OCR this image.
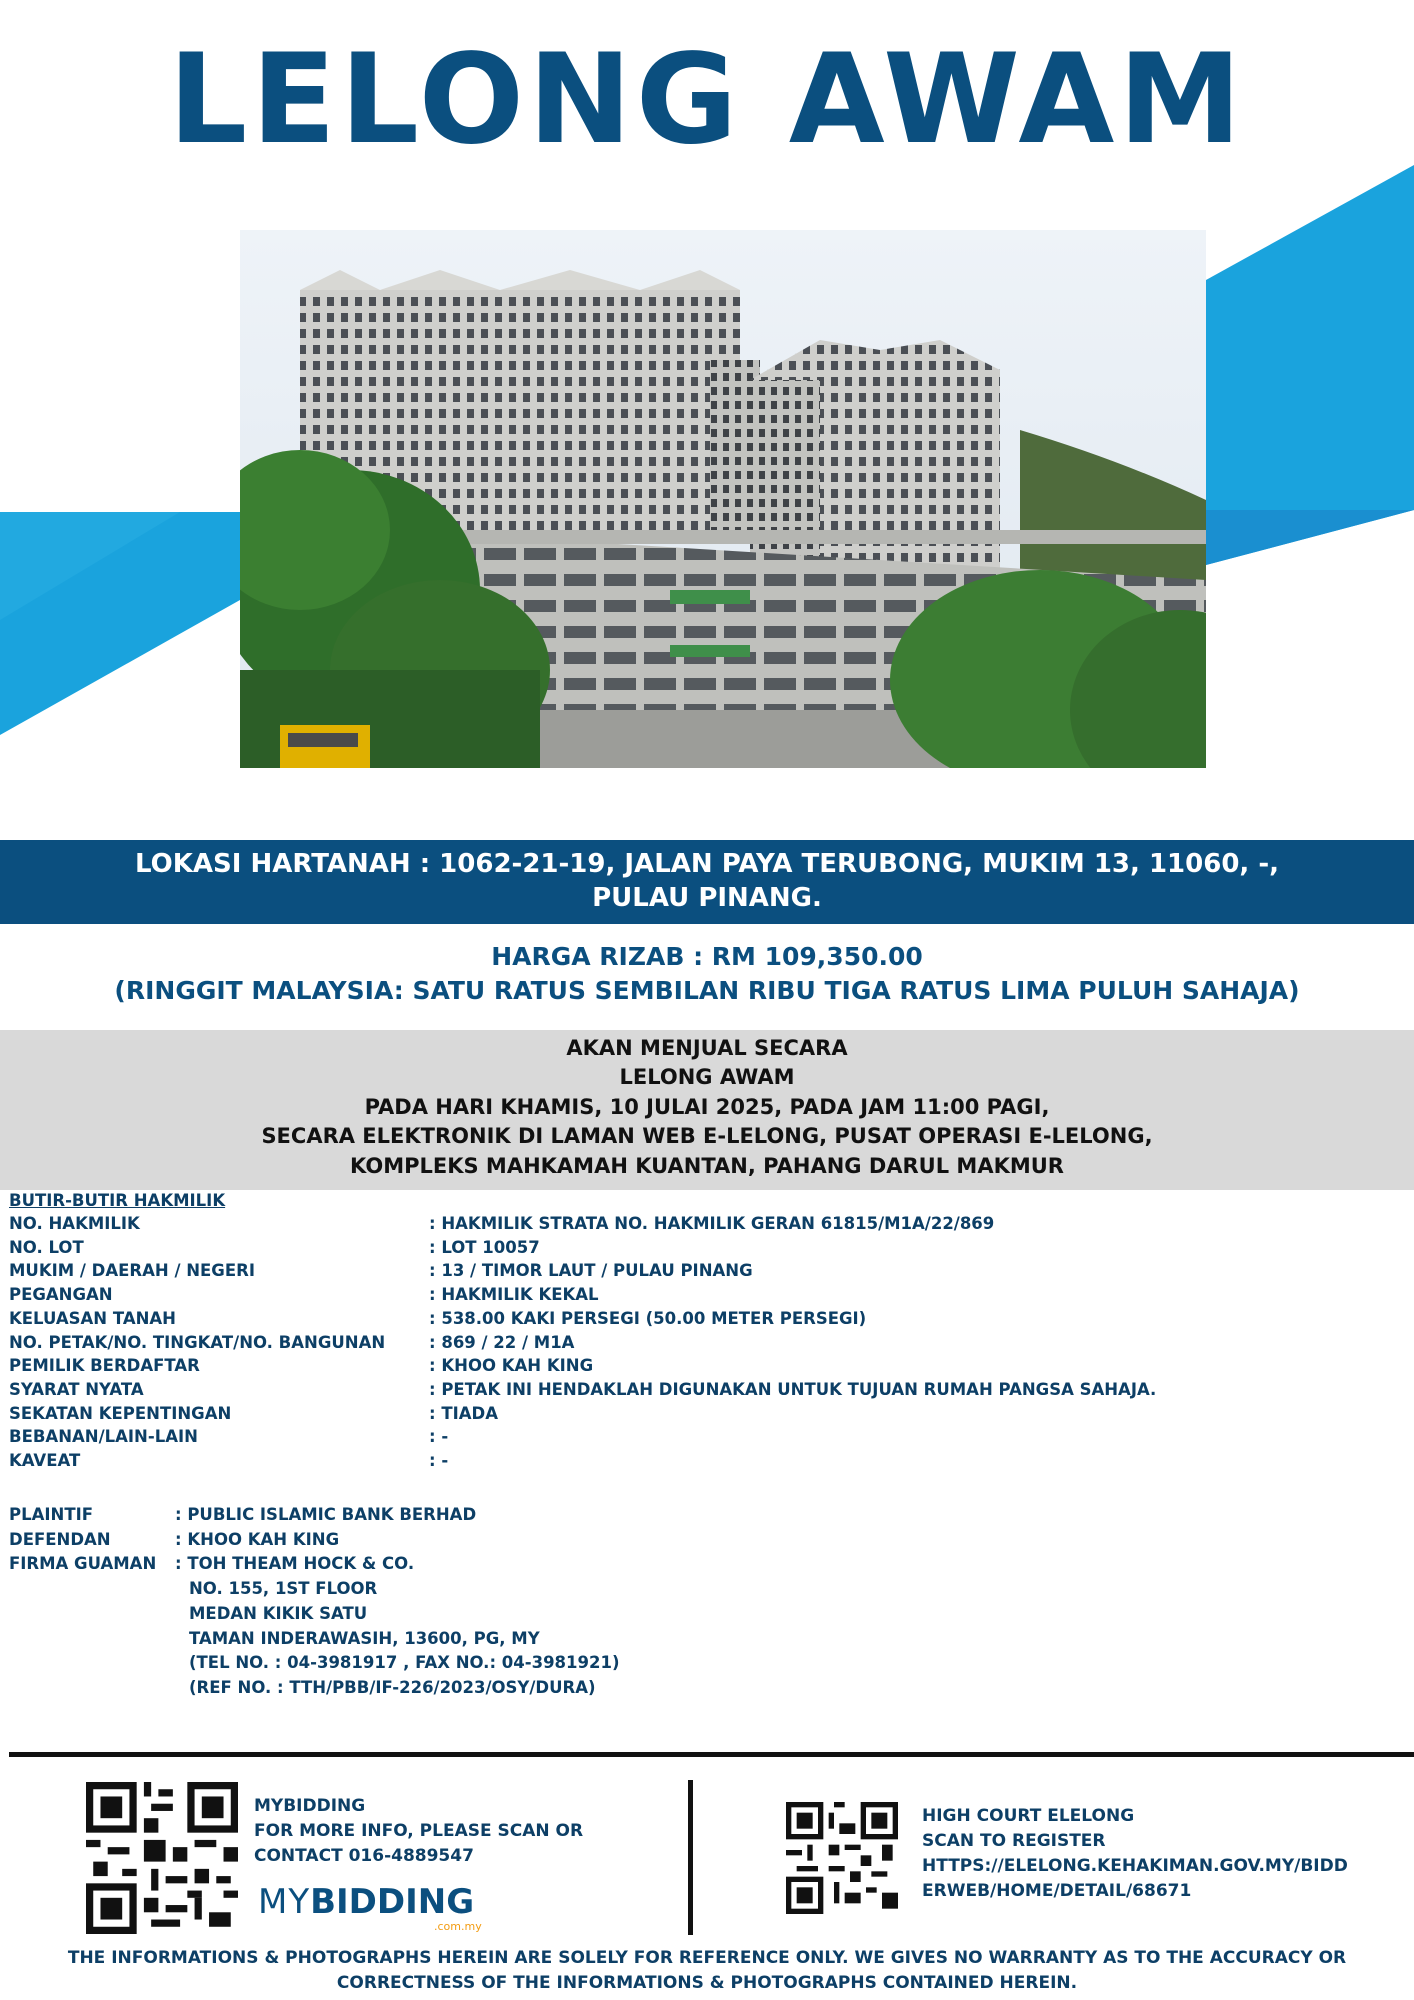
LELONG AWAM
LOKASI HARTANAH : 1062-21-19, JALAN PAYA TERUBONG, MUKIM 13, 11060, -, PULAU PINANG.
HARGA RIZAB : RM 109,350.00
(RINGGIT MALAYSIA: SATU RATUS SEMBILAN RIBU TIGA RATUS LIMA PULUH SAHAJA)
AKAN MENJUAL SECARA
LELONG AWAM
PADA HARI KHAMIS, 10 JULAI 2025, PADA JAM 11:00 PAGI,
SECARA ELEKTRONIK DI LAMAN WEB E-LELONG, PUSAT OPERASI E-LELONG,
KOMPLEKS MAHKAMAH KUANTAN, PAHANG DARUL MAKMUR
BUTIR-BUTIR HAKMILIK
NO. HAKMILIK	: HAKMILIK STRATA NO. HAKMILIK GERAN 61815/M1A/22/869
NO. LOT	: LOT 10057
MUKIM / DAERAH / NEGERI	: 13 / TIMOR LAUT / PULAU PINANG
PEGANGAN	: HAKMILIK KEKAL
KELUASAN TANAH	: 538.00 KAKI PERSEGI (50.00 METER PERSEGI)
NO. PETAK/NO. TINGKAT/NO. BANGUNAN	: 869 / 22 / M1A
PEMILIK BERDAFTAR	: KHOO KAH KING
SYARAT NYATA	: PETAK INI HENDAKLAH DIGUNAKAN UNTUK TUJUAN RUMAH PANGSA SAHAJA.
SEKATAN KEPENTINGAN	: TIADA
BEBANAN/LAIN-LAIN	: -
KAVEAT	: -
PLAINTIF	: PUBLIC ISLAMIC BANK BERHAD
DEFENDAN	: KHOO KAH KING
FIRMA GUAMAN	: TOH THEAM HOCK & CO.
NO. 155, 1ST FLOOR
MEDAN KIKIK SATU
TAMAN INDERAWASIH, 13600, PG, MY
(TEL NO. : 04-3981917 , FAX NO.: 04-3981921)
(REF NO. : TTH/PBB/IF-226/2023/OSY/DURA)
MYBIDDING
FOR MORE INFO, PLEASE SCAN OR
CONTACT 016-4889547
MYBIDDING
.com.my
HIGH COURT ELELONG
SCAN TO REGISTER
HTTPS://ELELONG.KEHAKIMAN.GOV.MY/BIDD
ERWEB/HOME/DETAIL/68671
THE INFORMATIONS & PHOTOGRAPHS HEREIN ARE SOLELY FOR REFERENCE ONLY. WE GIVES NO WARRANTY AS TO THE ACCURACY OR
CORRECTNESS OF THE INFORMATIONS & PHOTOGRAPHS CONTAINED HEREIN.
